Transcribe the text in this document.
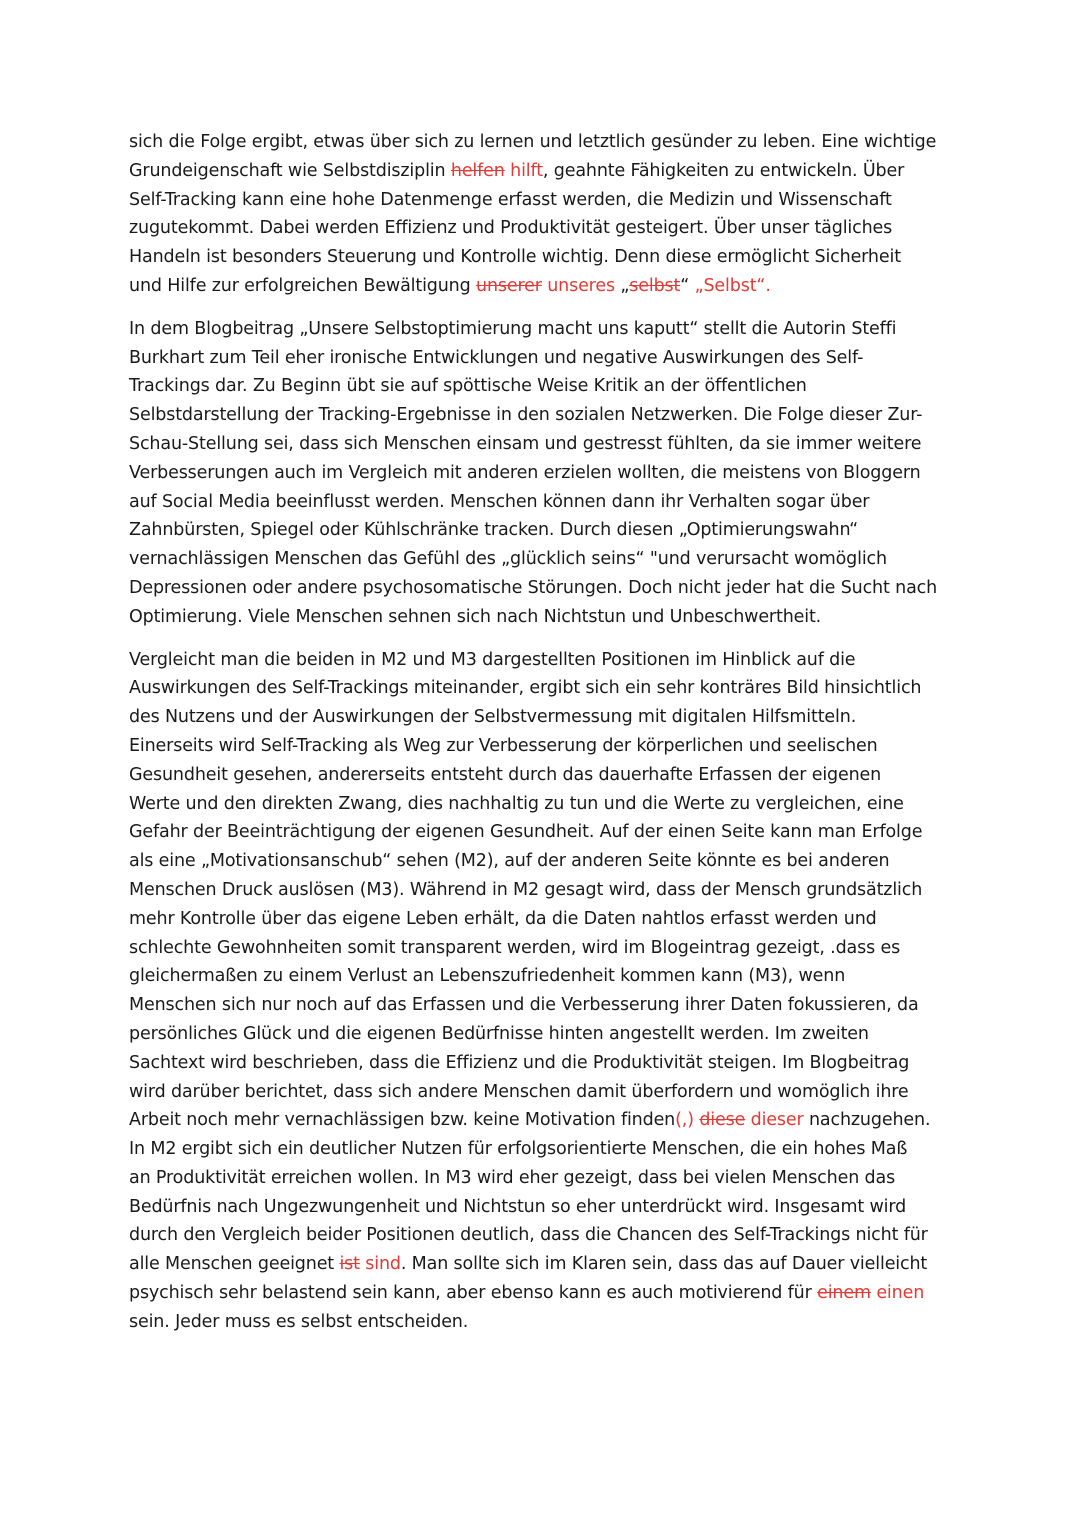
sich die Folge ergibt, etwas über sich zu lernen und letztlich gesünder zu leben. Eine wichtige
Grundeigenschaft wie Selbstdisziplin helfen hilft, geahnte Fähigkeiten zu entwickeln. Über
Self-Tracking kann eine hohe Datenmenge erfasst werden, die Medizin und Wissenschaft
zugutekommt. Dabei werden Effizienz und Produktivität gesteigert. Über unser tägliches
Handeln ist besonders Steuerung und Kontrolle wichtig. Denn diese ermöglicht Sicherheit
und Hilfe zur erfolgreichen Bewältigung unserer unseres „selbst“ „Selbst“.
In dem Blogbeitrag „Unsere Selbstoptimierung macht uns kaputt“ stellt die Autorin Steffi
Burkhart zum Teil eher ironische Entwicklungen und negative Auswirkungen des Self-
Trackings dar. Zu Beginn übt sie auf spöttische Weise Kritik an der öffentlichen
Selbstdarstellung der Tracking-Ergebnisse in den sozialen Netzwerken. Die Folge dieser Zur-
Schau-Stellung sei, dass sich Menschen einsam und gestresst fühlten, da sie immer weitere
Verbesserungen auch im Vergleich mit anderen erzielen wollten, die meistens von Bloggern
auf Social Media beeinflusst werden. Menschen können dann ihr Verhalten sogar über
Zahnbürsten, Spiegel oder Kühlschränke tracken. Durch diesen „Optimierungswahn“
vernachlässigen Menschen das Gefühl des „glücklich seins“ "und verursacht womöglich
Depressionen oder andere psychosomatische Störungen. Doch nicht jeder hat die Sucht nach
Optimierung. Viele Menschen sehnen sich nach Nichtstun und Unbeschwertheit.
Vergleicht man die beiden in M2 und M3 dargestellten Positionen im Hinblick auf die
Auswirkungen des Self-Trackings miteinander, ergibt sich ein sehr konträres Bild hinsichtlich
des Nutzens und der Auswirkungen der Selbstvermessung mit digitalen Hilfsmitteln.
Einerseits wird Self-Tracking als Weg zur Verbesserung der körperlichen und seelischen
Gesundheit gesehen, andererseits entsteht durch das dauerhafte Erfassen der eigenen
Werte und den direkten Zwang, dies nachhaltig zu tun und die Werte zu vergleichen, eine
Gefahr der Beeinträchtigung der eigenen Gesundheit. Auf der einen Seite kann man Erfolge
als eine „Motivationsanschub“ sehen (M2), auf der anderen Seite könnte es bei anderen
Menschen Druck auslösen (M3). Während in M2 gesagt wird, dass der Mensch grundsätzlich
mehr Kontrolle über das eigene Leben erhält, da die Daten nahtlos erfasst werden und
schlechte Gewohnheiten somit transparent werden, wird im Blogeintrag gezeigt, .dass es
gleichermaßen zu einem Verlust an Lebenszufriedenheit kommen kann (M3), wenn
Menschen sich nur noch auf das Erfassen und die Verbesserung ihrer Daten fokussieren, da
persönliches Glück und die eigenen Bedürfnisse hinten angestellt werden. Im zweiten
Sachtext wird beschrieben, dass die Effizienz und die Produktivität steigen. Im Blogbeitrag
wird darüber berichtet, dass sich andere Menschen damit überfordern und womöglich ihre
Arbeit noch mehr vernachlässigen bzw. keine Motivation finden(,) diese dieser nachzugehen.
In M2 ergibt sich ein deutlicher Nutzen für erfolgsorientierte Menschen, die ein hohes Maß
an Produktivität erreichen wollen. In M3 wird eher gezeigt, dass bei vielen Menschen das
Bedürfnis nach Ungezwungenheit und Nichtstun so eher unterdrückt wird. Insgesamt wird
durch den Vergleich beider Positionen deutlich, dass die Chancen des Self-Trackings nicht für
alle Menschen geeignet ist sind. Man sollte sich im Klaren sein, dass das auf Dauer vielleicht
psychisch sehr belastend sein kann, aber ebenso kann es auch motivierend für einem einen
sein. Jeder muss es selbst entscheiden.
